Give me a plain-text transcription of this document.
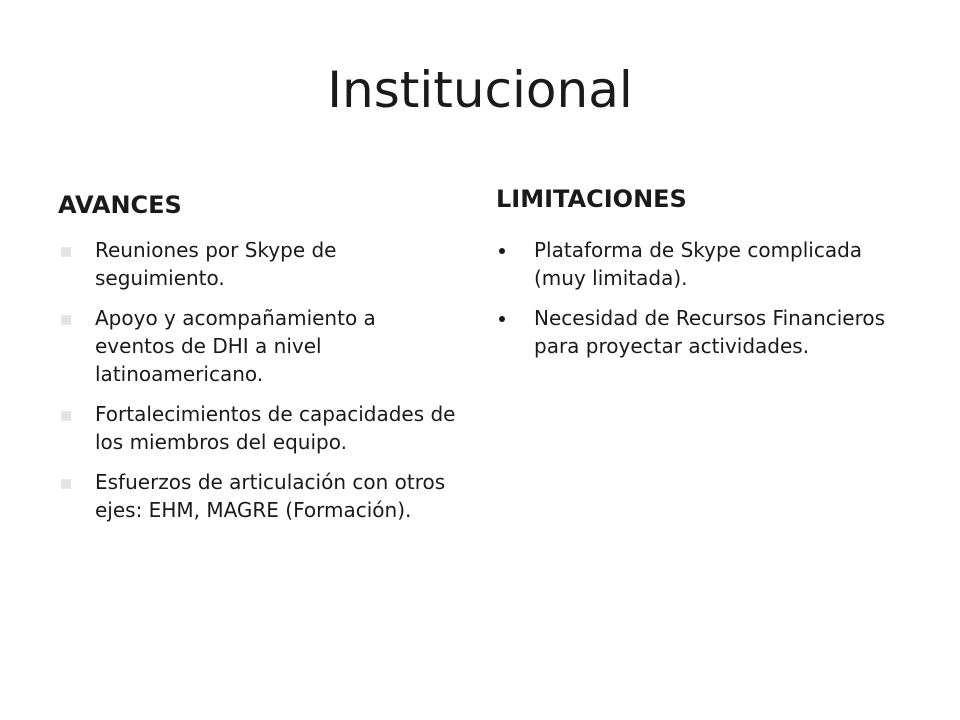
Institucional
AVANCES
Reuniones por Skype de seguimiento.
Apoyo y acompañamiento a eventos de DHI a nivel latinoamericano.
Fortalecimientos de capacidades de los miembros del equipo.
Esfuerzos de articulación con otros ejes: EHM, MAGRE (Formación).
LIMITACIONES
Plataforma de Skype complicada (muy limitada).
Necesidad de Recursos Financieros para proyectar actividades.
